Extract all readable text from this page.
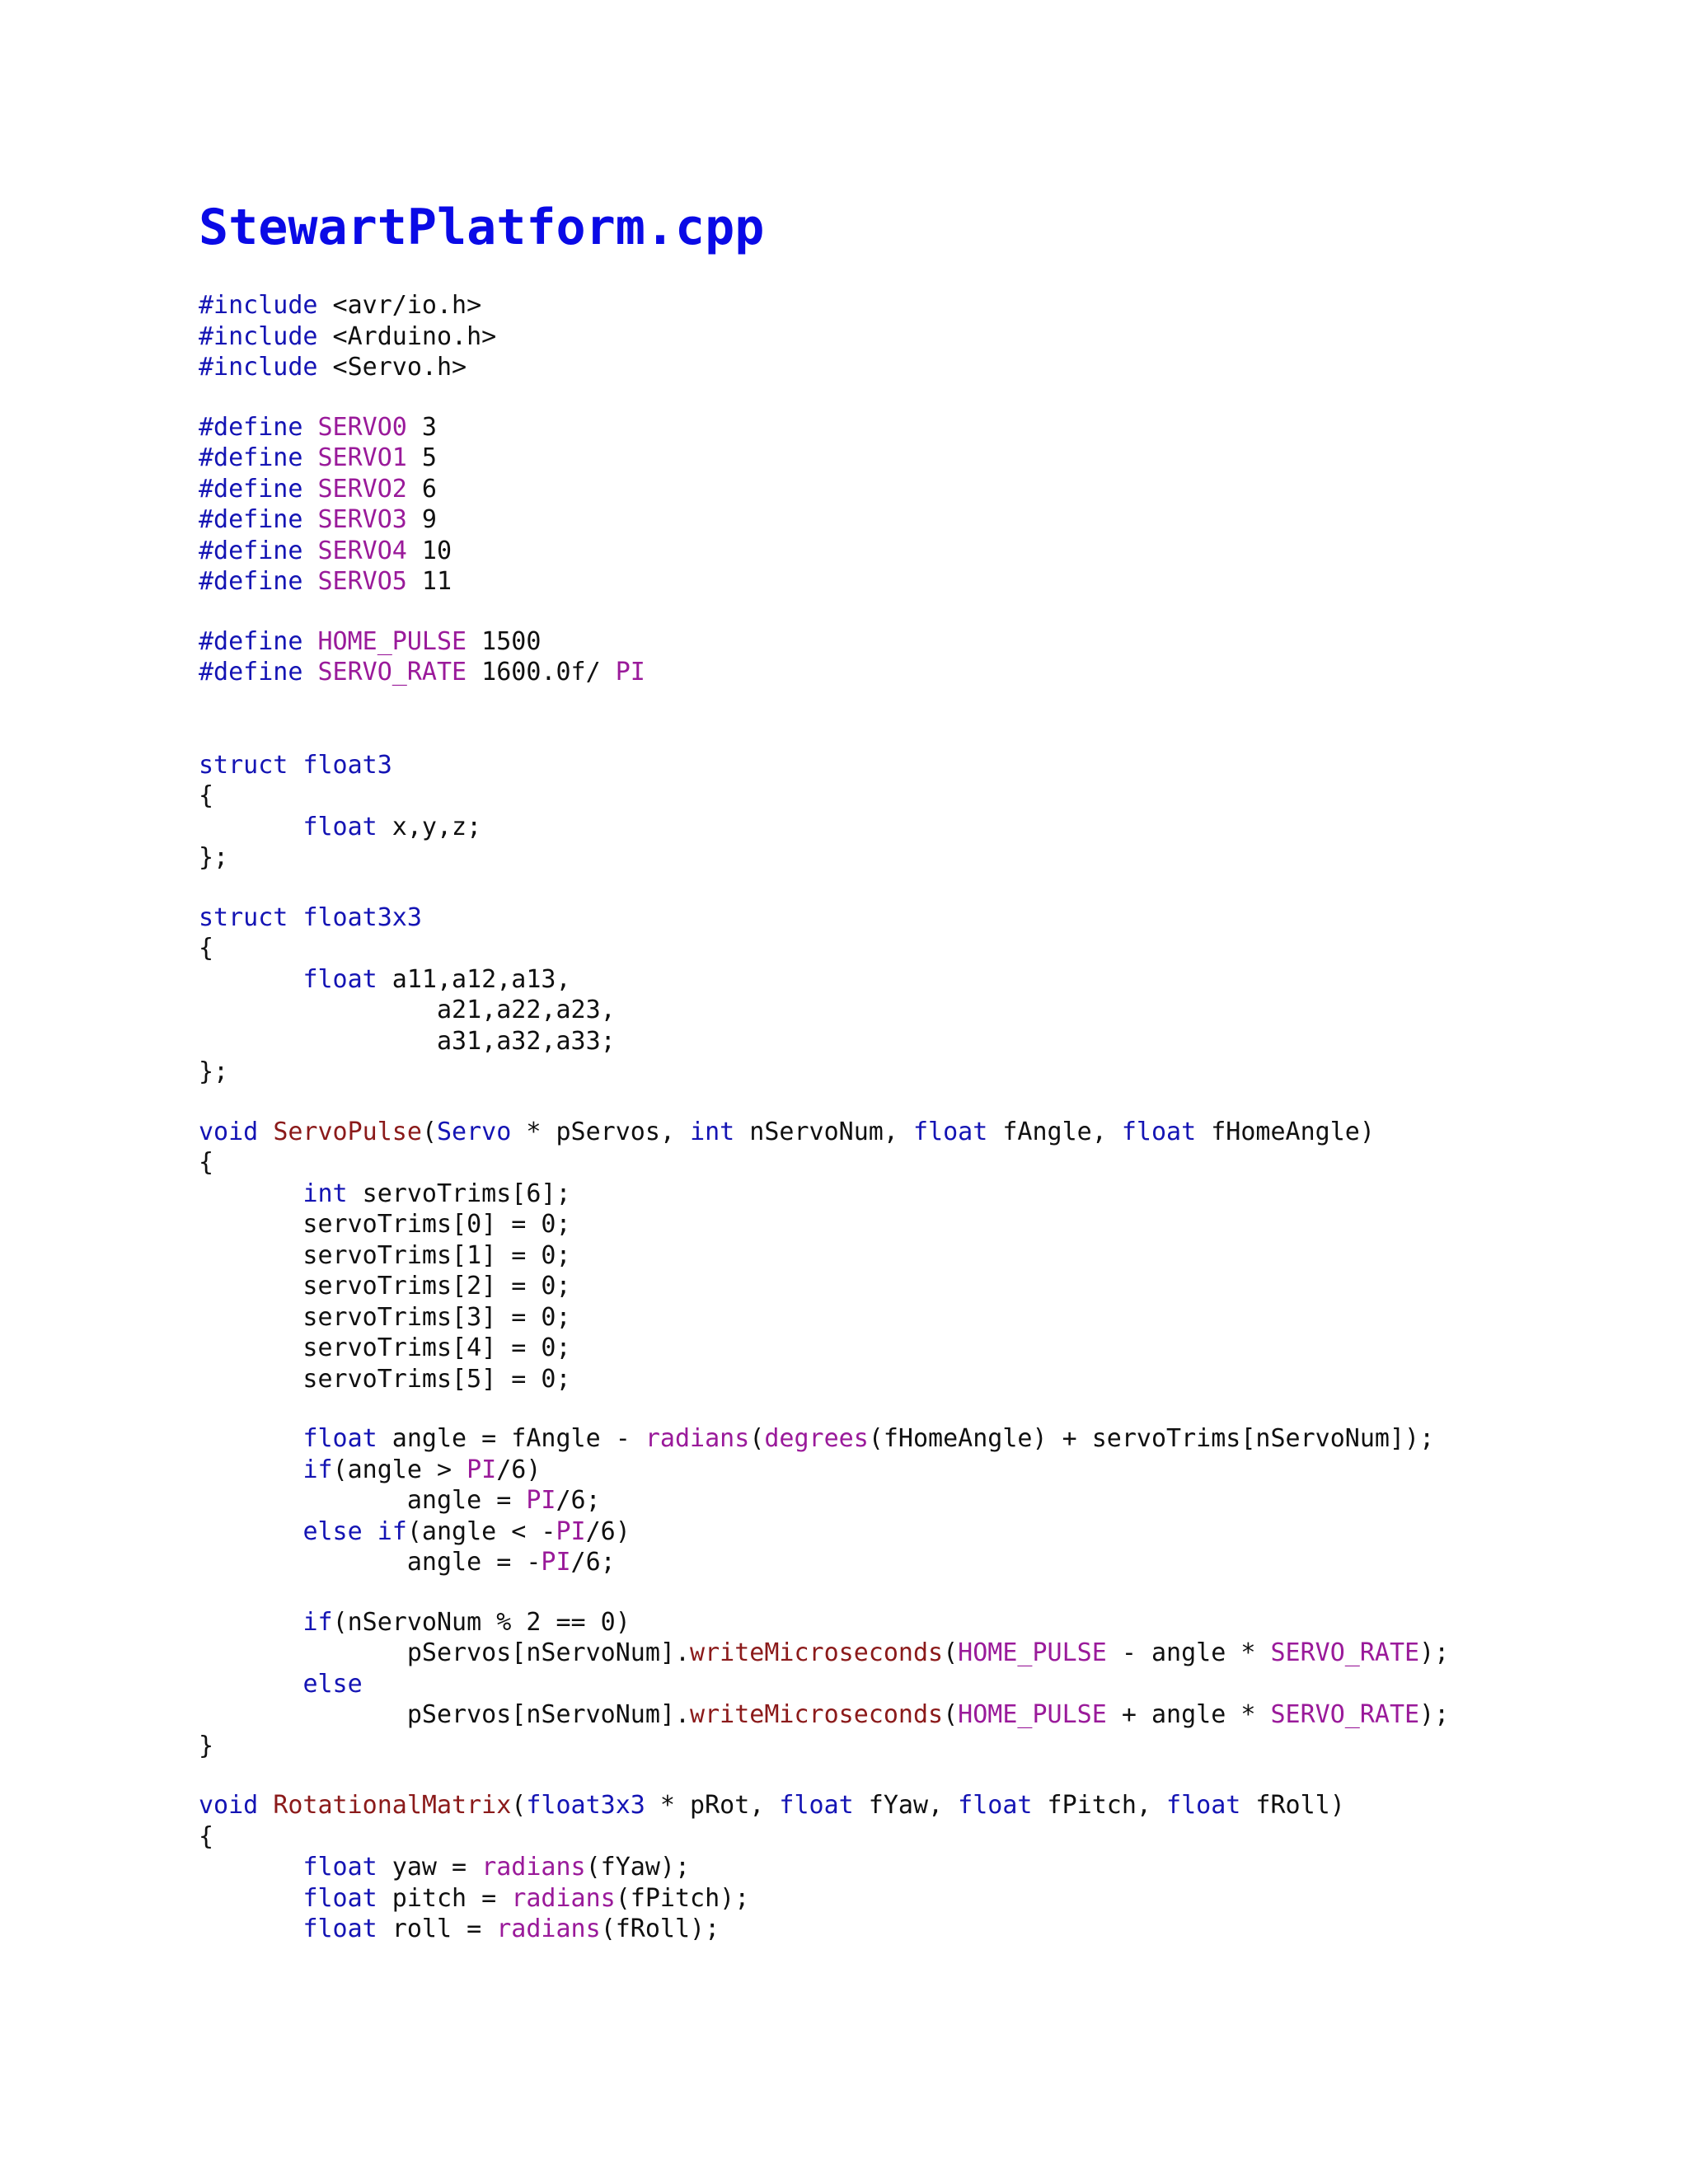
StewartPlatform.cpp
#include <avr/io.h>
#include <Arduino.h>
#include <Servo.h>
#define SERVO0 3
#define SERVO1 5
#define SERVO2 6
#define SERVO3 9
#define SERVO4 10
#define SERVO5 11
#define HOME_PULSE 1500
#define SERVO_RATE 1600.0f/ PI
struct float3
{
float x,y,z;
};
struct float3x3
{
float a11,a12,a13,
a21,a22,a23,
a31,a32,a33;
};
void ServoPulse(Servo * pServos, int nServoNum, float fAngle, float fHomeAngle)
{
int servoTrims[6];
servoTrims[0] = 0;
servoTrims[1] = 0;
servoTrims[2] = 0;
servoTrims[3] = 0;
servoTrims[4] = 0;
servoTrims[5] = 0;
float angle = fAngle - radians(degrees(fHomeAngle) + servoTrims[nServoNum]);
if(angle > PI/6)
angle = PI/6;
else if(angle < -PI/6)
angle = -PI/6;
if(nServoNum % 2 == 0)
pServos[nServoNum].writeMicroseconds(HOME_PULSE - angle * SERVO_RATE);
else
pServos[nServoNum].writeMicroseconds(HOME_PULSE + angle * SERVO_RATE);
}
void RotationalMatrix(float3x3 * pRot, float fYaw, float fPitch, float fRoll)
{
float yaw = radians(fYaw);
float pitch = radians(fPitch);
float roll = radians(fRoll);
